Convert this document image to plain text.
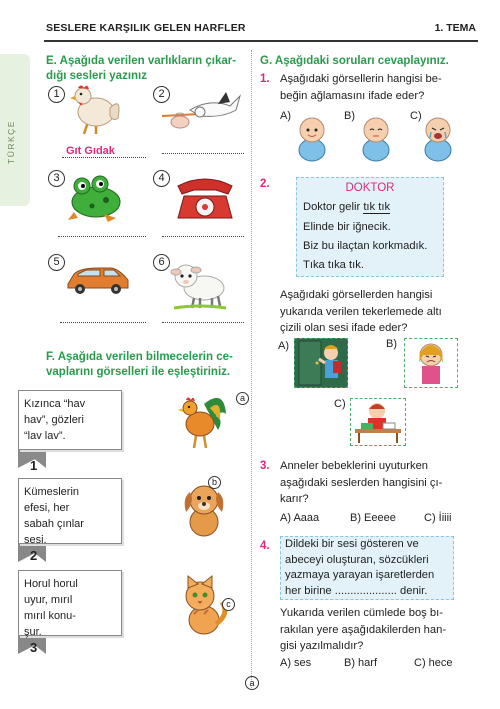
SESLERE KARŞILIK GELEN HARFLER	1. TEMA
TÜRKÇE
E. Aşağıda verilen varlıkların çıkar-
dığı sesleri yazınız
1	2
3	4
5	6
Gıt Gıdak
F. Aşağıda verilen bilmecelerin ce-
vaplarını görselleri ile eşleştiriniz.
Kızınca “hav
hav”, gözleri
“lav lav”.
1
Kümeslerin
efesi, her
sabah çınlar
sesi.
2
Horul horul
uyur, mırıl
mırıl konu-
şur.
3
a
b
c
G. Aşağıdaki soruları cevaplayınız.
1. Aşağıdaki görsellerin hangisi be-
beğin ağlamasını ifade eder?
A)	B)	C)
2.	DOKTOR
Doktor gelir tık tık
Elinde bir iğnecik.
Biz bu ilaçtan korkmadık.
Tıka tıka tık.
Aşağıdaki görsellerden hangisi
yukarıda verilen tekerlemede altı
çizili olan sesi ifade eder?
A)	B)
C)
3. Anneler bebeklerini uyuturken
aşağıdaki seslerden hangisini çı-
karır?
A) Aaaa	B) Eeeee	C) İiiii
4. Dildeki bir sesi gösteren ve
abeceyi oluşturan, sözcükleri
yazmaya yarayan işaretlerden
her birine .................... denir.
Yukarıda verilen cümlede boş bı-
rakılan yere aşağıdakilerden han-
gisi yazılmalıdır?
A) ses	B) harf	C) hece
a
